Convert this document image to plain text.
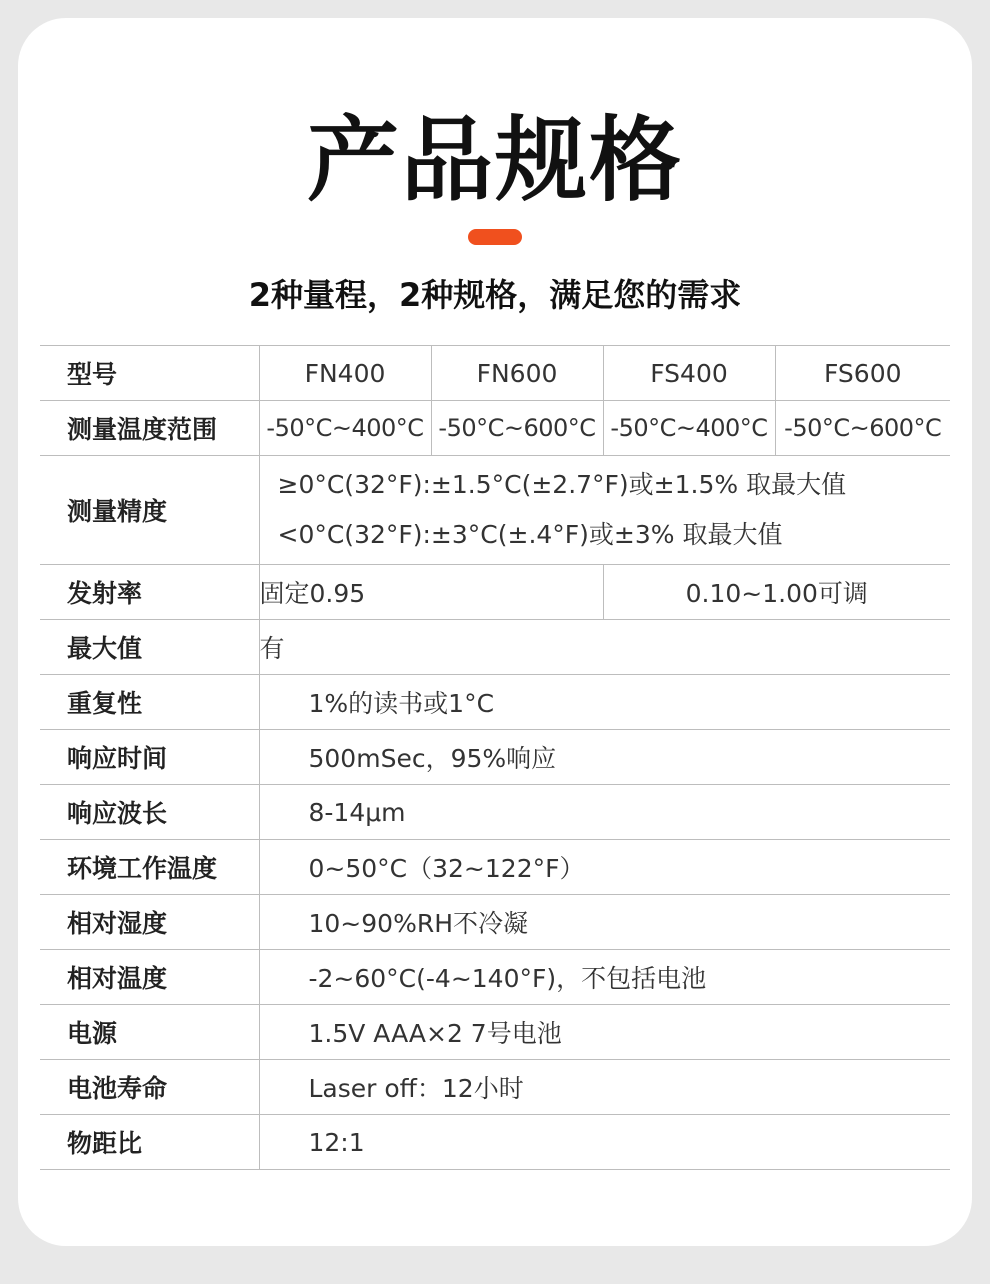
产品规格
2种量程，2种规格，满足您的需求
型号	FN400	FN600	FS400	FS600
测量温度范围	-50°C~400°C	-50°C~600°C	-50°C~400°C	-50°C~600°C
测量精度	≥0°C(32°F):±1.5°C(±2.7°F)或±1.5% 取最大值
<0°C(32°F):±3°C(±.4°F)或±3% 取最大值			

发射率	固定0.95		0.10~1.00可调	
最大值	有			
重复性	1%的读书或1°C			
响应时间	500mSec，95%响应			
响应波长	8-14μm			
环境工作温度	0~50°C（32~122°F）			
相对湿度	10~90%RH不冷凝			
相对温度	-2~60°C(-4~140°F)，不包括电池			
电源	1.5V AAA×2 7号电池			
电池寿命	Laser off：12小时			
物距比	12:1			
